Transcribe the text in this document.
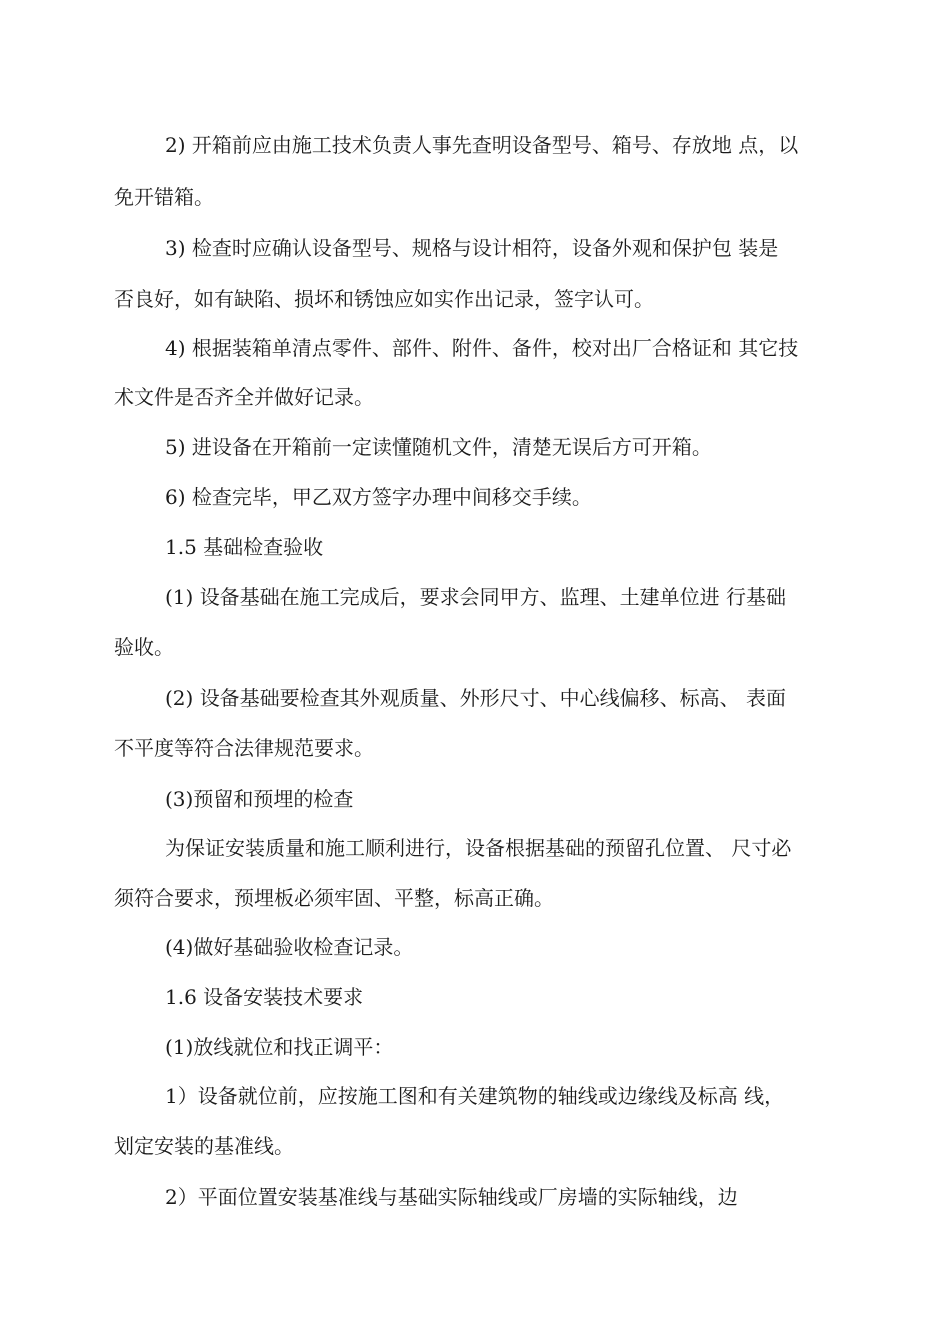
2) 开箱前应由施工技术负责人事先查明设备型号、箱号、存放地 点，以
免开错箱。
3) 检查时应确认设备型号、规格与设计相符，设备外观和保护包 装是
否良好，如有缺陷、损坏和锈蚀应如实作出记录，签字认可。
4) 根据装箱单清点零件、部件、附件、备件，校对出厂合格证和 其它技
术文件是否齐全并做好记录。
5) 进设备在开箱前一定读懂随机文件，清楚无误后方可开箱。
6) 检查完毕，甲乙双方签字办理中间移交手续。
1.5 基础检查验收
(1) 设备基础在施工完成后，要求会同甲方、监理、土建单位进 行基础
验收。
(2) 设备基础要检查其外观质量、外形尺寸、中心线偏移、标高、 表面
不平度等符合法律规范要求。
(3)预留和预埋的检查
为保证安装质量和施工顺利进行，设备根据基础的预留孔位置、 尺寸必
须符合要求，预埋板必须牢固、平整，标高正确。
(4)做好基础验收检查记录。
1.6 设备安装技术要求
(1)放线就位和找正调平：
1）设备就位前，应按施工图和有关建筑物的轴线或边缘线及标高 线，
划定安装的基准线。
2）平面位置安装基准线与基础实际轴线或厂房墙的实际轴线，边
